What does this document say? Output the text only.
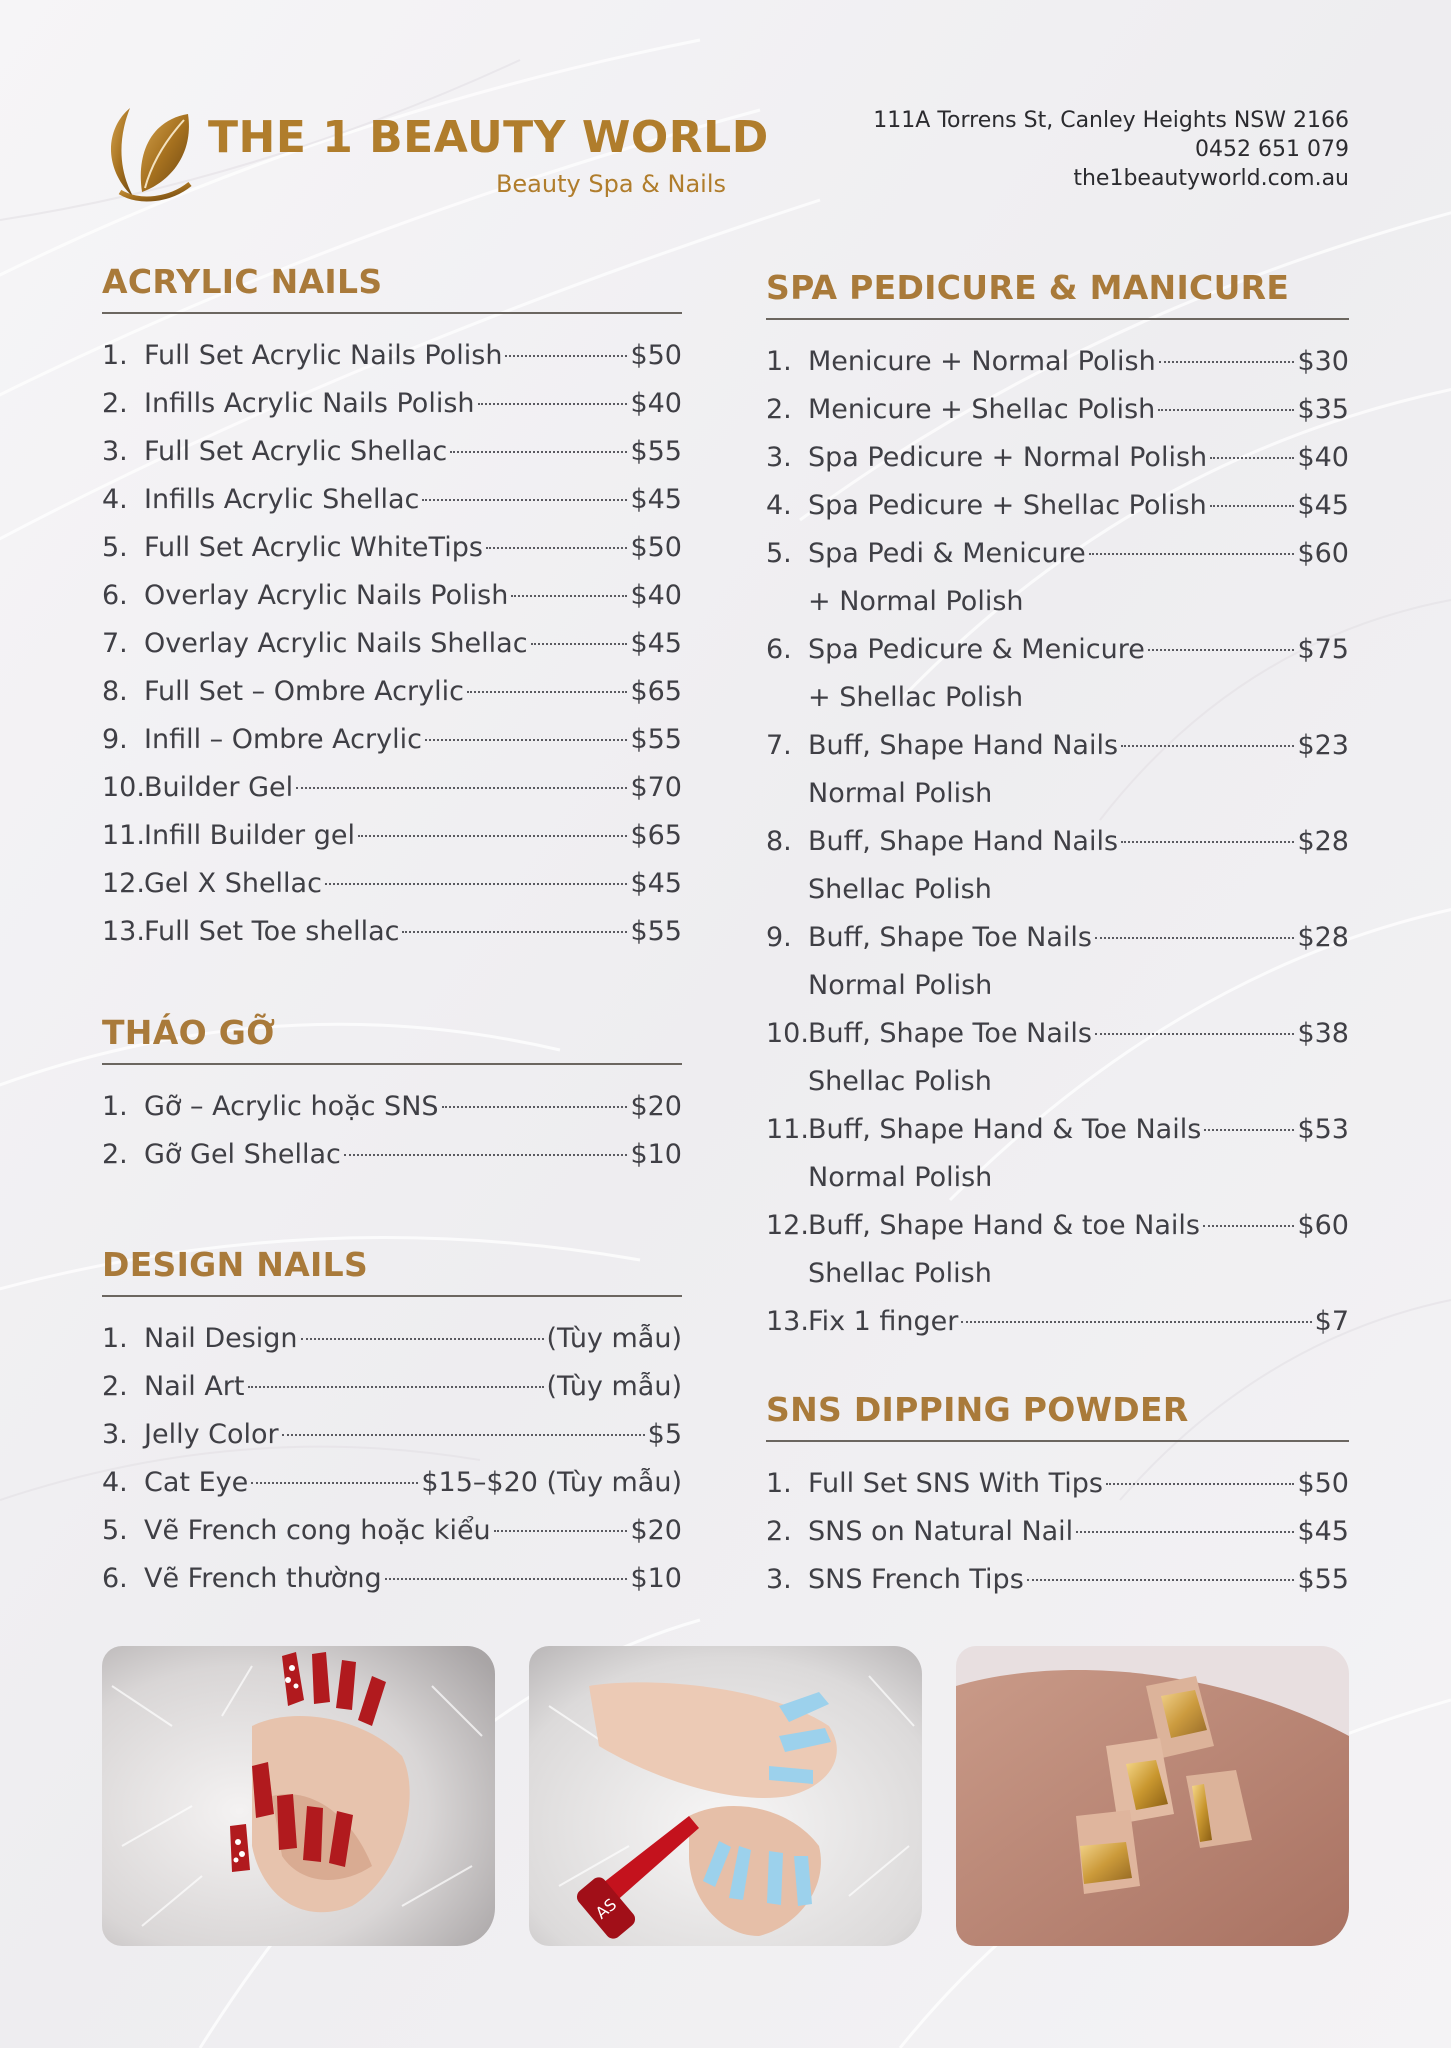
THE 1 BEAUTY WORLD
Beauty Spa & Nails
111A Torrens St, Canley Heights NSW 2166
0452 651 079
the1beautyworld.com.au
ACRYLIC NAILS
1. Full Set Acrylic Nails Polish	$50
2. Infills Acrylic Nails Polish	$40
3. Full Set Acrylic Shellac	$55
4. Infills Acrylic Shellac	$45
5. Full Set Acrylic WhiteTips	$50
6. Overlay Acrylic Nails Polish	$40
7. Overlay Acrylic Nails Shellac	$45
8. Full Set – Ombre Acrylic	$65
9. Infill – Ombre Acrylic	$55
10. Builder Gel	$70
11. Infill Builder gel	$65
12. Gel X Shellac	$45
13. Full Set Toe shellac	$55
THÁO GỠ
1. Gỡ – Acrylic hoặc SNS	$20
2. Gỡ Gel Shellac	$10
DESIGN NAILS
1. Nail Design	(Tùy mẫu)
2. Nail Art	(Tùy mẫu)
3. Jelly Color	$5
4. Cat Eye	$15–$20 (Tùy mẫu)
5. Vẽ French cong hoặc kiểu	$20
6. Vẽ French thường	$10
SPA PEDICURE & MANICURE
1. Menicure + Normal Polish	$30
2. Menicure + Shellac Polish	$35
3. Spa Pedicure + Normal Polish	$40
4. Spa Pedicure + Shellac Polish	$45
5. Spa Pedi & Menicure	$60
+ Normal Polish
6. Spa Pedicure & Menicure	$75
+ Shellac Polish
7. Buff, Shape Hand Nails	$23
Normal Polish
8. Buff, Shape Hand Nails	$28
Shellac Polish
9. Buff, Shape Toe Nails	$28
Normal Polish
10. Buff, Shape Toe Nails	$38
Shellac Polish
11. Buff, Shape Hand & Toe Nails	$53
Normal Polish
12. Buff, Shape Hand & toe Nails	$60
Shellac Polish
13. Fix 1 finger	$7
SNS DIPPING POWDER
1. Full Set SNS With Tips	$50
2. SNS on Natural Nail	$45
3. SNS French Tips	$55
AS
